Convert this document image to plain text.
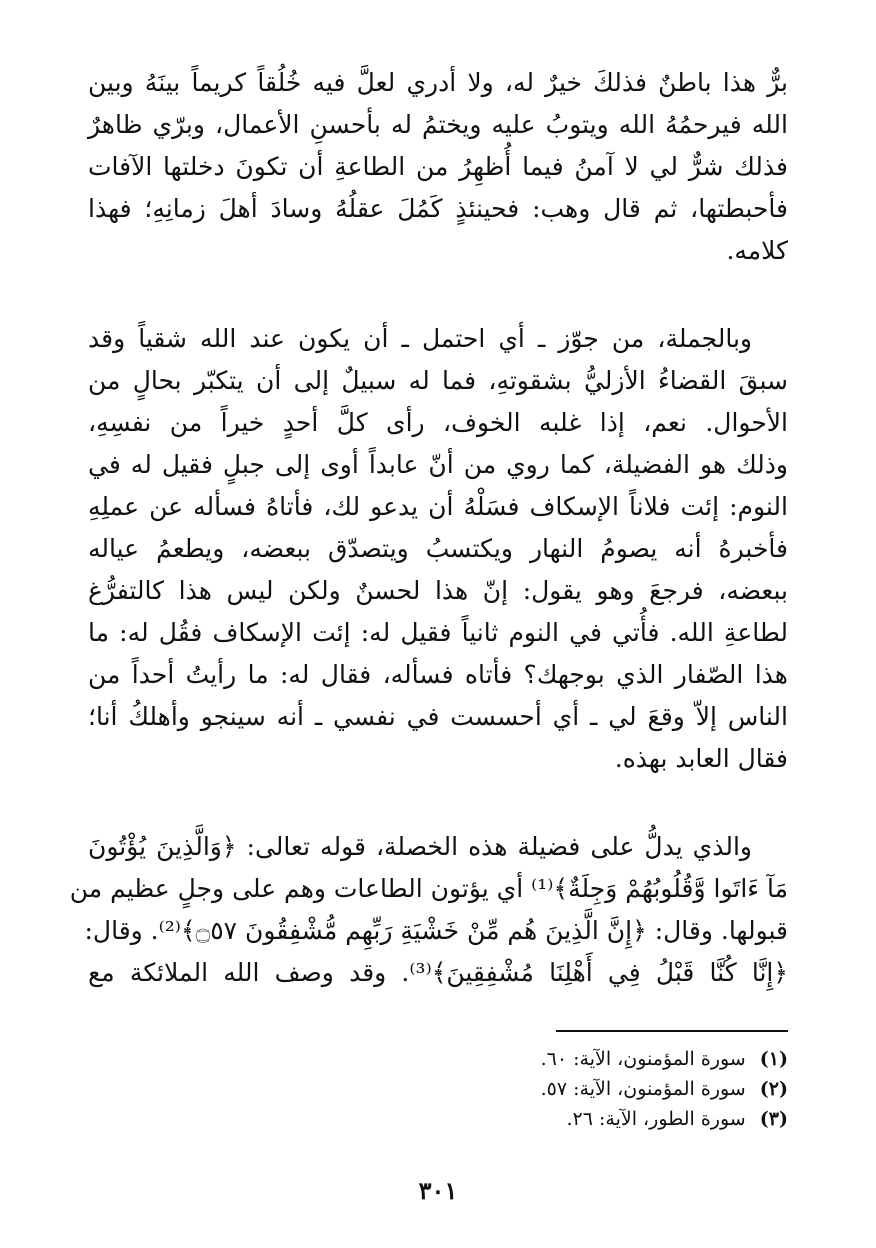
برٌّ هذا باطنٌ فذلكَ خيرٌ له، ولا أدري لعلَّ فيه خُلُقاً كريماً بينَهُ وبين
الله فيرحمُهُ الله ويتوبُ عليه ويختمُ له بأحسنِ الأعمال، وبرّي ظاهرٌ
فذلك شرٌّ لي لا آمنُ فيما أُظهِرُ من الطاعةِ أن تكونَ دخلتها الآفات
فأحبطتها، ثم قال وهب: فحينئذٍ كَمُلَ عقلُهُ وسادَ أهلَ زمانِهِ؛ فهذا
كلامه.
وبالجملة، من جوّز ـ أي احتمل ـ أن يكون عند الله شقياً وقد
سبقَ القضاءُ الأزليُّ بشقوتهِ، فما له سبيلٌ إلى أن يتكبّر بحالٍ من
الأحوال. نعم، إذا غلبه الخوف، رأى كلَّ أحدٍ خيراً من نفسِهِ،
وذلك هو الفضيلة، كما روي من أنّ عابداً أوى إلى جبلٍ فقيل له في
النوم: إئت فلاناً الإسكاف فسَلْهُ أن يدعو لك، فأتاهُ فسأله عن عملِهِ
فأخبرهُ أنه يصومُ النهار ويكتسبُ ويتصدّق ببعضه، ويطعمُ عياله
ببعضه، فرجعَ وهو يقول: إنّ هذا لحسنٌ ولكن ليس هذا كالتفرُّغ
لطاعةِ الله. فأُتي في النوم ثانياً فقيل له: إئت الإسكاف فقُل له: ما
هذا الصّفار الذي بوجهك؟ فأتاه فسأله، فقال له: ما رأيتُ أحداً من
الناس إلاّ وقعَ لي ـ أي أحسست في نفسي ـ أنه سينجو وأهلكُ أنا؛
فقال العابد بهذه.
والذي يدلُّ على فضيلة هذه الخصلة، قوله تعالى: ﴿وَالَّذِينَ يُؤْتُونَ
مَآ ءَاتَوا وَّقُلُوبُهُمْ وَجِلَةٌ﴾⁽¹⁾ أي يؤتون الطاعات وهم على وجلٍ عظيم من
قبولها. وقال: ﴿إِنَّ الَّذِينَ هُم مِّنْ خَشْيَةِ رَبِّهِم مُّشْفِقُونَ ۝٥٧﴾⁽²⁾. وقال:
﴿إِنَّا كُنَّا قَبْلُ فِي أَهْلِنَا مُشْفِقِينَ﴾⁽³⁾. وقد وصف الله الملائكة مع
(١) سورة المؤمنون، الآية: ٦٠.
(٢) سورة المؤمنون، الآية: ٥٧.
(٣) سورة الطور، الآية: ٢٦.
٣٠١
